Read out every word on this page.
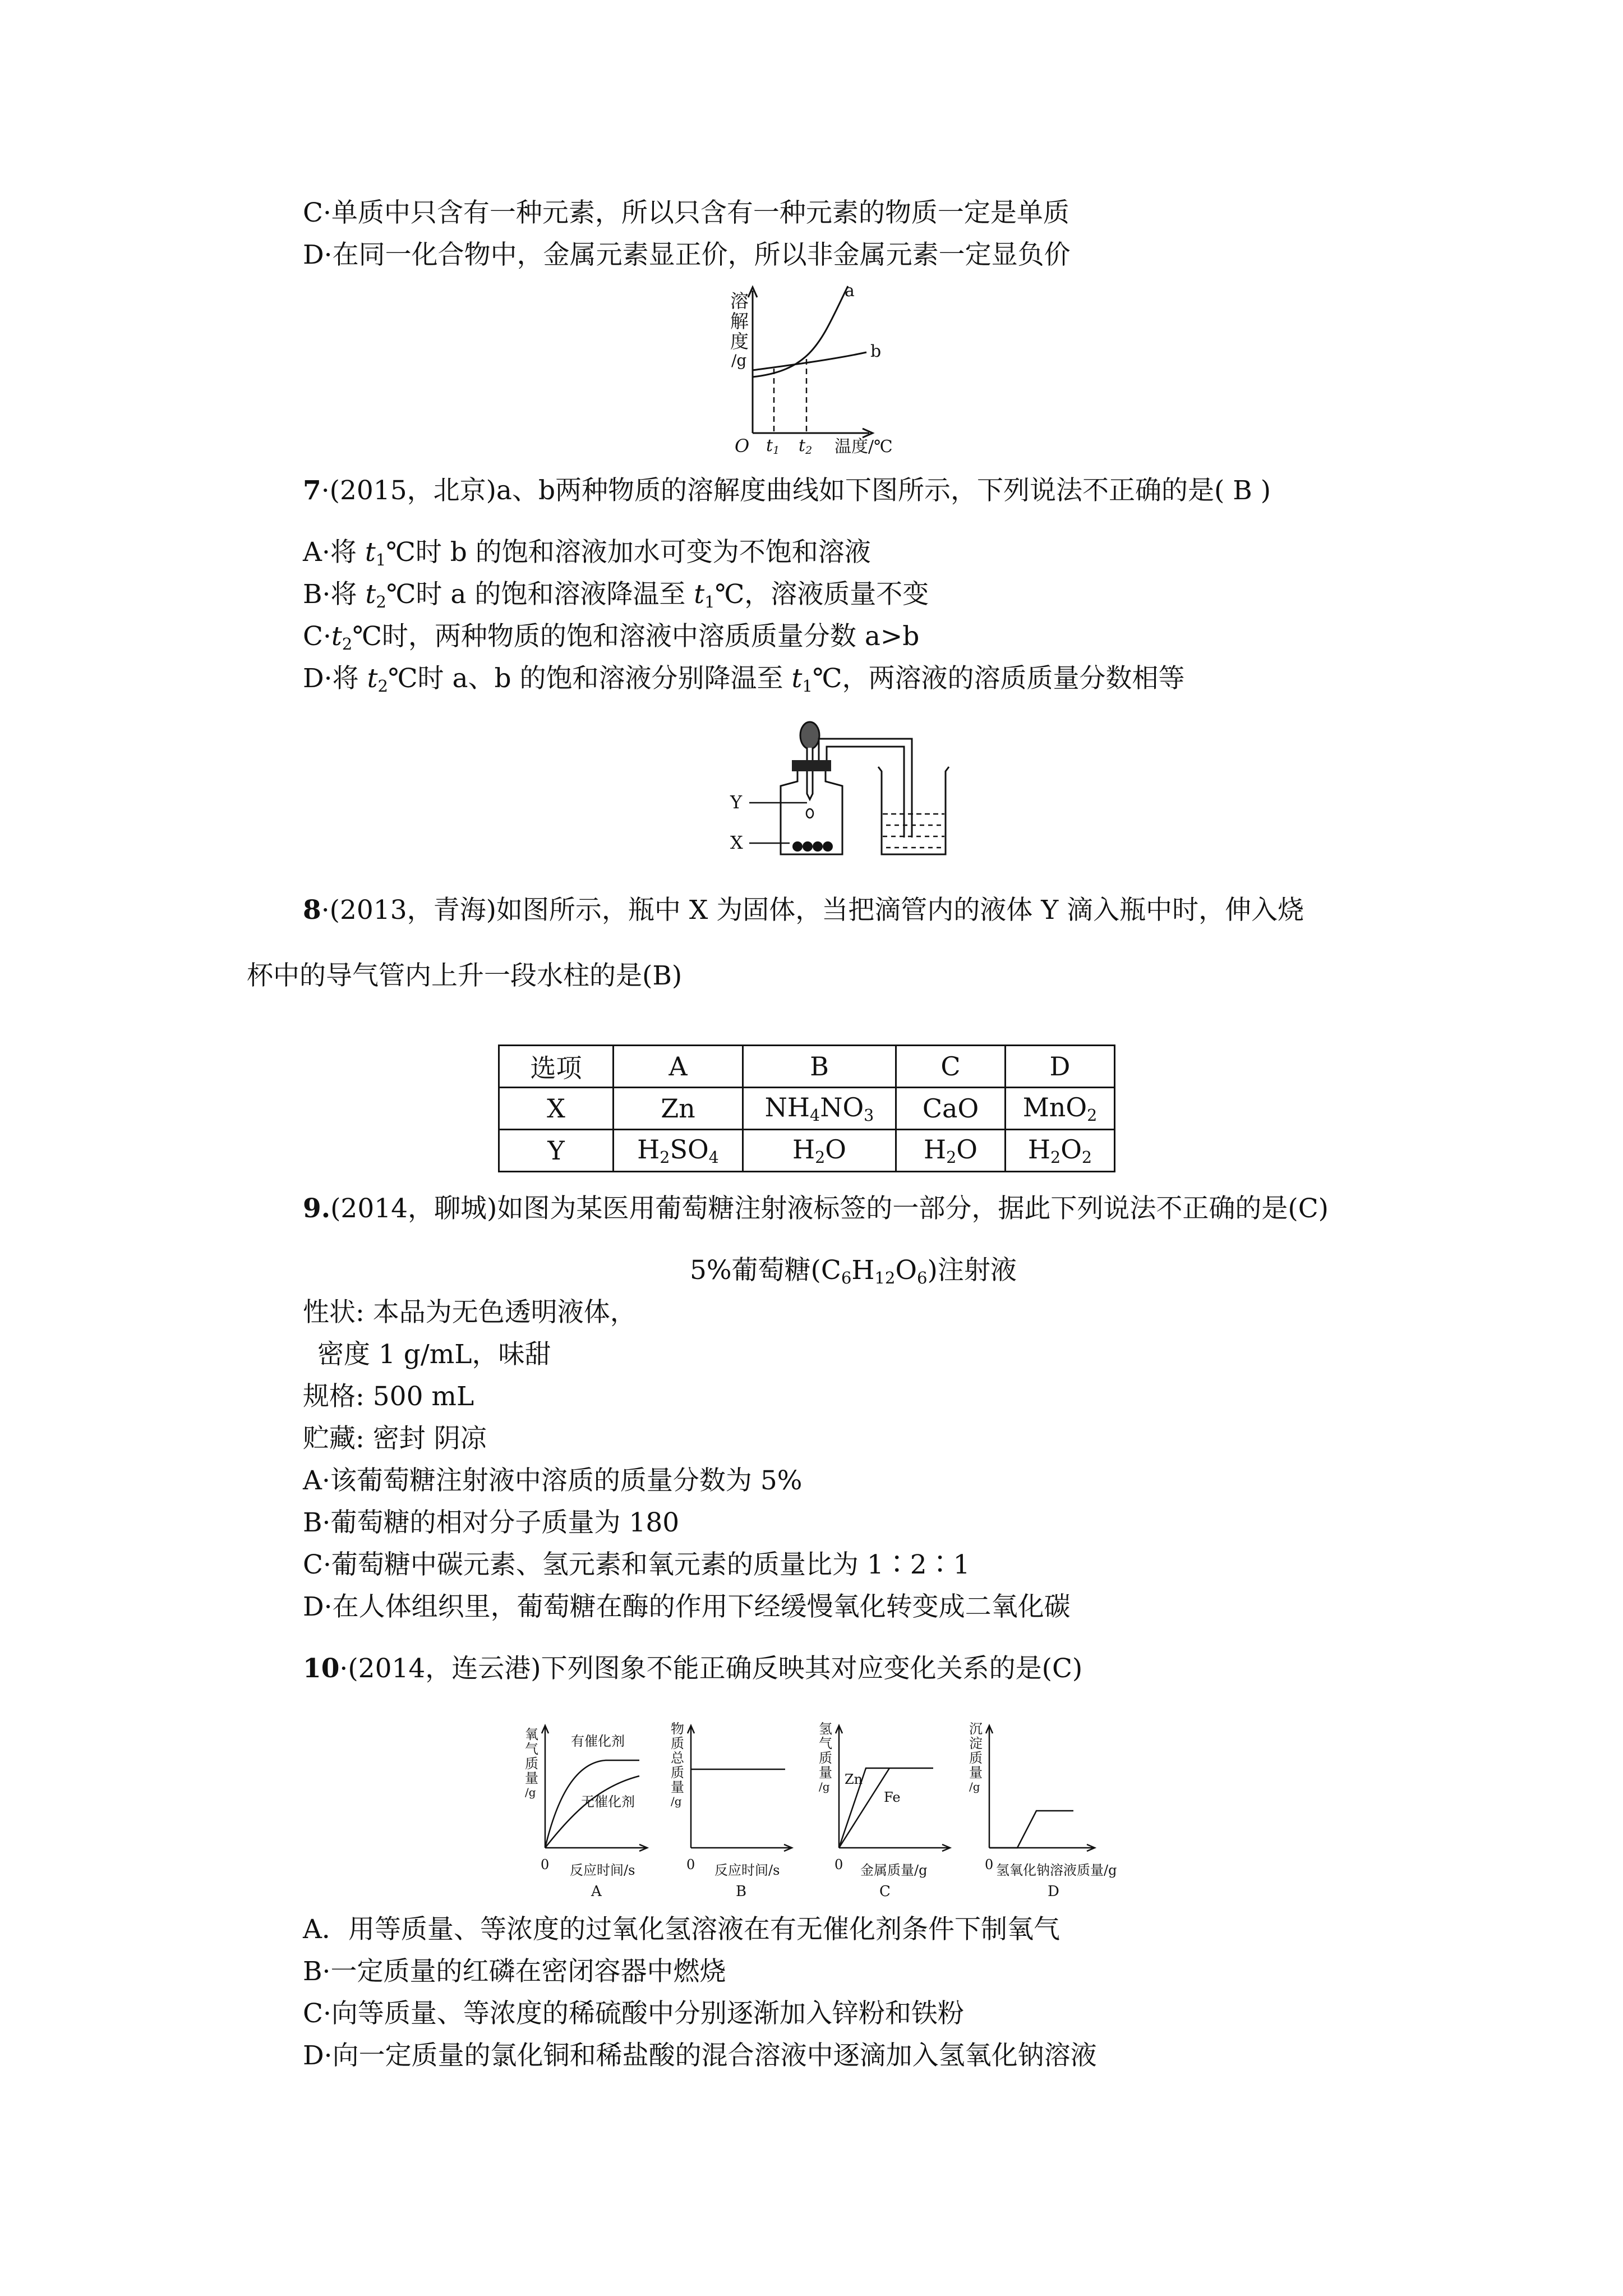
C·单质中只含有一种元素，所以只含有一种元素的物质一定是单质
D·在同一化合物中，金属元素显正价，所以非金属元素一定显负价
溶
解
度
/g
a
b
O t1 t2 温度/℃
7·(2015，北京)a、b两种物质的溶解度曲线如下图所示，下列说法不正确的是( B )
A·将 $t_1℃$时 b 的饱和溶液加水可变为不饱和溶液
B·将 $t_2℃$时 a 的饱和溶液降温至 $t_1℃$，溶液质量不变
$C\cdot t_2℃$时，两种物质的饱和溶液中溶质质量分数 a>b
D·将 $t_2℃$时 a、b 的饱和溶液分别降温至 $t_1℃$，两溶液的溶质质量分数相等
Y
X
8·(2013，青海)如图所示，瓶中 X 为固体，当把滴管内的液体 Y 滴入瓶中时，伸入烧
杯中的导气管内上升一段水柱的是(B)
选项	A	B	C	D
X	Zn	$NH_4NO_3$	CaO	MnO$_2$
Y	$H_2SO_4$	$H_2O$	$H_2O$	$H_2O_2$
9.(2014，聊城)如图为某医用葡萄糖注射液标签的一部分，据此下列说法不正确的是(C)
5%葡萄糖$(C_6H_{12}O_6)$注射液
性状: 本品为无色透明液体，
密度 1 g/mL，味甜
规格: 500 mL
贮藏: 密封 阴凉
A·该葡萄糖注射液中溶质的质量分数为 5%
B·葡萄糖的相对分子质量为 180
C·葡萄糖中碳元素、氢元素和氧元素的质量比为 1∶2∶1
D·在人体组织里，葡萄糖在酶的作用下经缓慢氧化转变成二氧化碳
10·(2014，连云港)下列图象不能正确反映其对应变化关系的是(C)
氧
气
质
量
/g
有催化剂
无催化剂
0 反应时间/s
A
物
质
总
质
量
/g
0 反应时间/s
B
氢
气
质
量
/g Zn
Fe
0 金属质量/g
C
沉
淀
质
量
/g
0 氢氧化钠溶液质量/g
D
A．用等质量、等浓度的过氧化氢溶液在有无催化剂条件下制氧气
B·一定质量的红磷在密闭容器中燃烧
C·向等质量、等浓度的稀硫酸中分别逐渐加入锌粉和铁粉
D·向一定质量的氯化铜和稀盐酸的混合溶液中逐滴加入氢氧化钠溶液
